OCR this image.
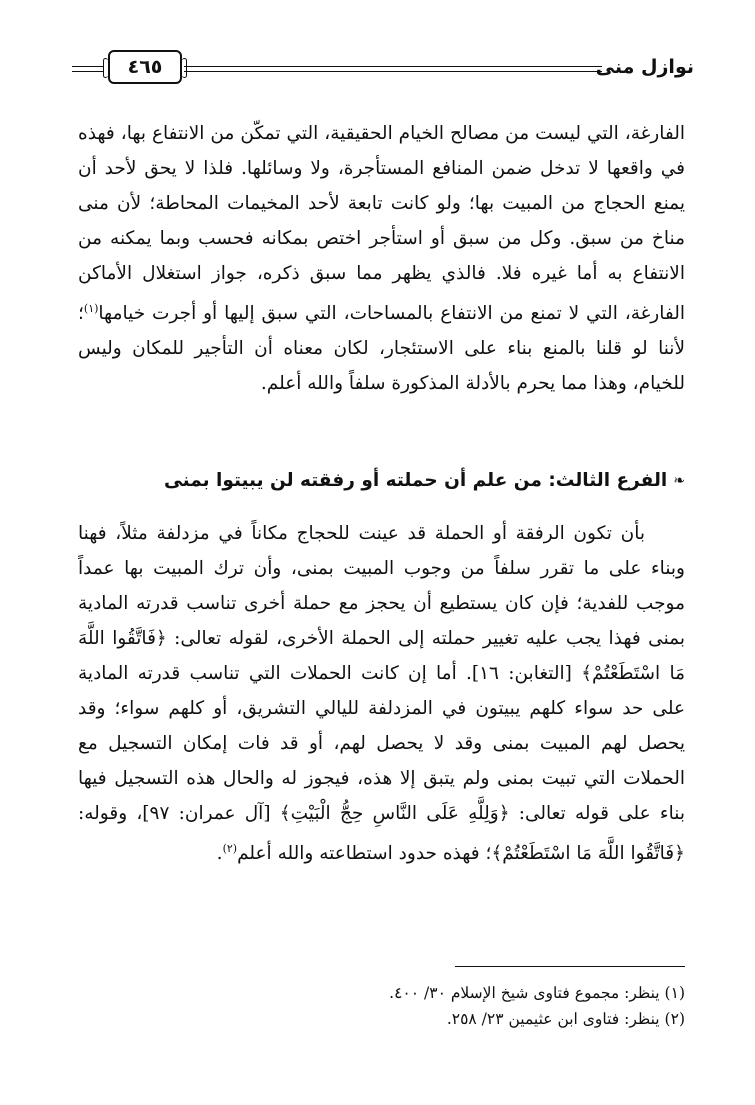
٤٦٥	نوازل منى

الفارغة، التي ليست من مصالح الخيام الحقيقية، التي تمكّن من الانتفاع بها، فهذه في واقعها لا تدخل ضمن المنافع المستأجرة، ولا وسائلها. فلذا لا يحق لأحد أن يمنع الحجاج من المبيت بها؛ ولو كانت تابعة لأحد المخيمات المحاطة؛ لأن منى مناخ من سبق. وكل من سبق أو استأجر اختص بمكانه فحسب وبما يمكنه من الانتفاع به أما غيره فلا. فالذي يظهر مما سبق ذكره، جواز استغلال الأماكن الفارغة، التي لا تمنع من الانتفاع بالمساحات، التي سبق إليها أو أجرت خيامها$^{(١)}$؛ لأننا لو قلنا بالمنع بناء على الاستئجار، لكان معناه أن التأجير للمكان وليس للخيام، وهذا مما يحرم بالأدلة المذكورة سلفاً والله أعلم.

❧
الفرع الثالث: من علم أن حملته أو رفقته لن يبيتوا بمنى

بأن تكون الرفقة أو الحملة قد عينت للحجاج مكاناً في مزدلفة مثلاً، فهنا وبناء على ما تقرر سلفاً من وجوب المبيت بمنى، وأن ترك المبيت بها عمداً موجب للفدية؛ فإن كان يستطيع أن يحجز مع حملة أخرى تناسب قدرته المادية بمنى فهذا يجب عليه تغيير حملته إلى الحملة الأخرى، لقوله تعالى: ﴿فَاتَّقُوا اللَّهَ مَا اسْتَطَعْتُمْ﴾ [التغابن: ١٦]. أما إن كانت الحملات التي تناسب قدرته المادية على حد سواء كلهم يبيتون في المزدلفة لليالي التشريق، أو كلهم سواء؛ وقد يحصل لهم المبيت بمنى وقد لا يحصل لهم، أو قد فات إمكان التسجيل مع الحملات التي تبيت بمنى ولم يتبق إلا هذه، فيجوز له والحال هذه التسجيل فيها بناء على قوله تعالى: ﴿وَلِلَّهِ عَلَى النَّاسِ حِجُّ الْبَيْتِ﴾ [آل عمران: ٩٧]، وقوله: ﴿فَاتَّقُوا اللَّهَ مَا اسْتَطَعْتُمْ﴾؛ فهذه حدود استطاعته والله أعلم$^{(٢)}$.

(١) ينظر: مجموع فتاوى شيخ الإسلام ٣٠/ ٤٠٠.
(٢) ينظر: فتاوى ابن عثيمين ٢٣/ ٢٥٨.
